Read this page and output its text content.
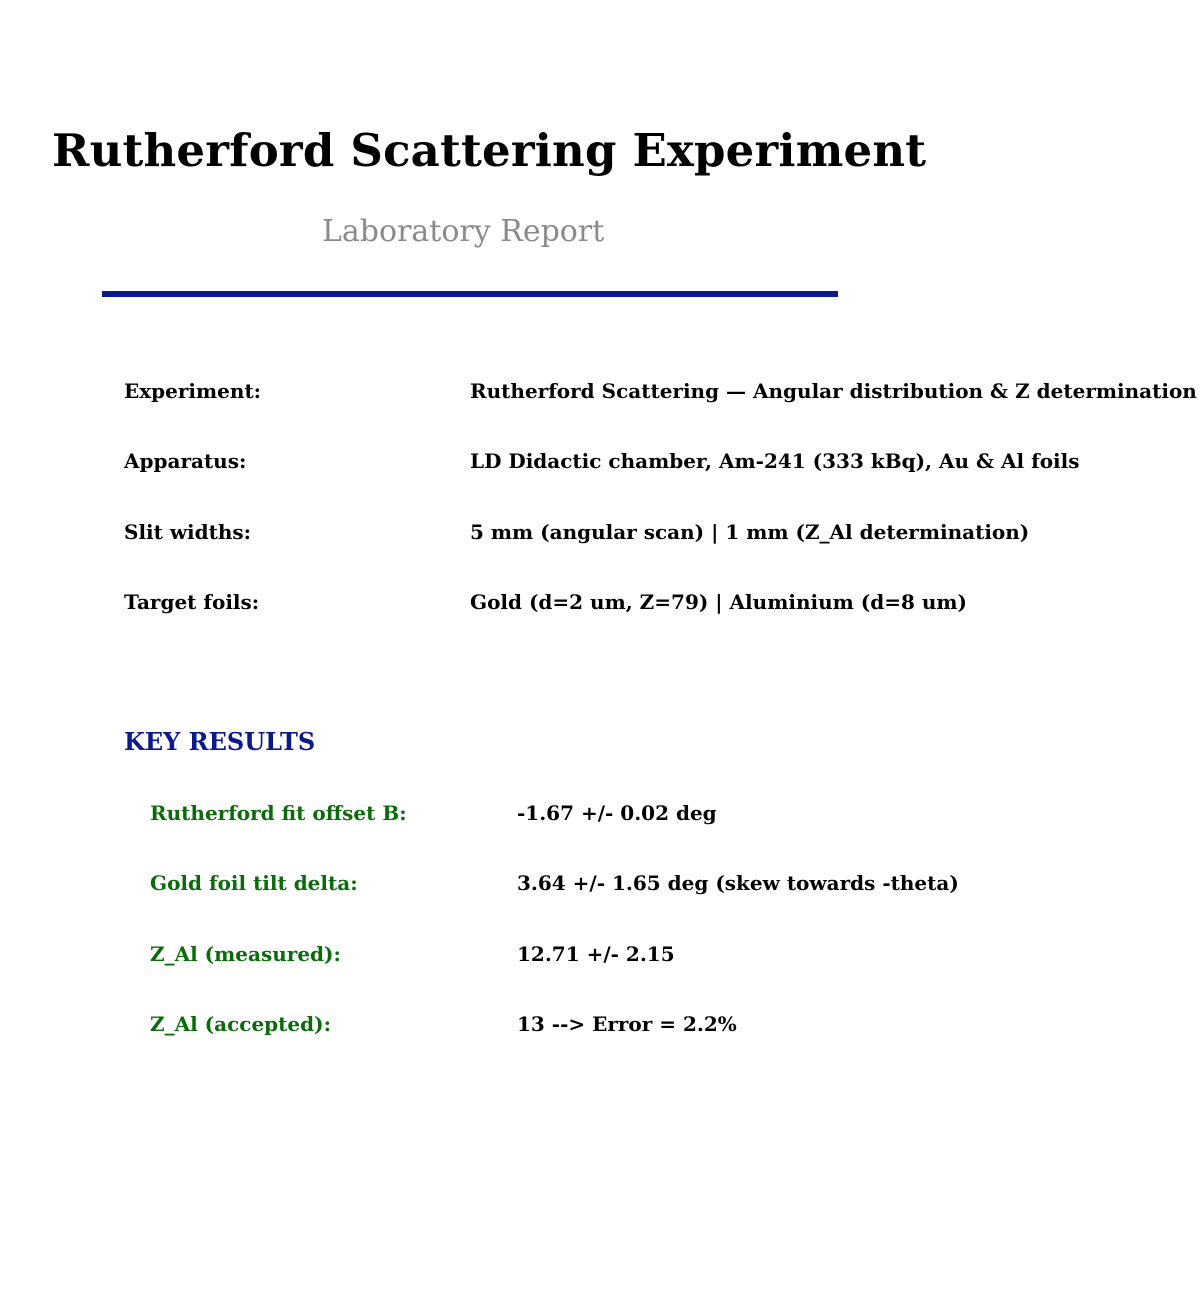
Rutherford Scattering Experiment
Laboratory Report
Experiment:	Rutherford Scattering — Angular distribution & Z determination
Apparatus:	LD Didactic chamber, Am-241 (333 kBq), Au & Al foils
Slit widths:	5 mm (angular scan) | 1 mm (Z_Al determination)
Target foils:	Gold (d=2 um, Z=79) | Aluminium (d=8 um)
KEY RESULTS
Rutherford fit offset B:	-1.67 +/- 0.02 deg
Gold foil tilt delta:	3.64 +/- 1.65 deg (skew towards -theta)
Z_Al (measured):	12.71 +/- 2.15
Z_Al (accepted):	13 --> Error = 2.2%
